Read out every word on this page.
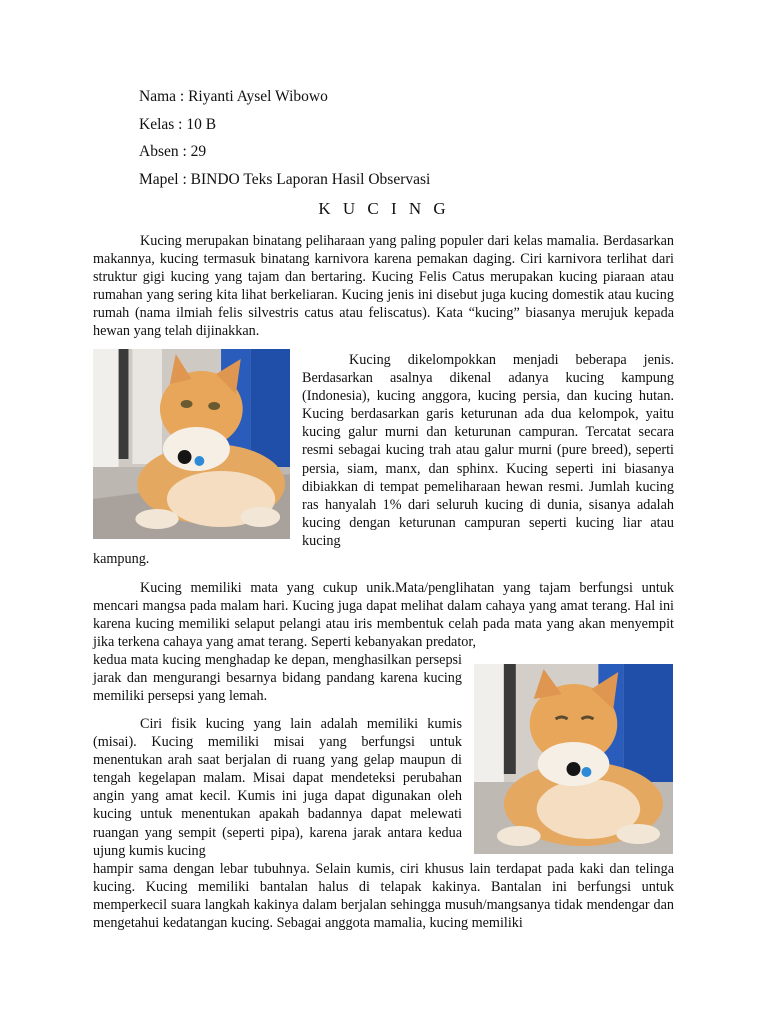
Nama : Riyanti Aysel Wibowo
Kelas : 10 B
Absen : 29
Mapel : BINDO Teks Laporan Hasil Observasi
K U C I N G

Kucing merupakan binatang peliharaan yang paling populer dari kelas mamalia. Berdasarkan makannya, kucing termasuk binatang karnivora karena pemakan daging. Ciri karnivora terlihat dari struktur gigi kucing yang tajam dan bertaring. Kucing Felis Catus merupakan kucing piaraan atau rumahan yang sering kita lihat berkeliaran. Kucing jenis ini disebut juga kucing domestik atau kucing rumah (nama ilmiah felis silvestris catus atau feliscatus). Kata “kucing” biasanya merujuk kepada hewan yang telah dijinakkan.

Kucing dikelompokkan menjadi beberapa jenis. Berdasarkan asalnya dikenal adanya kucing kampung (Indonesia), kucing anggora, kucing persia, dan kucing hutan. Kucing berdasarkan garis keturunan ada dua kelompok, yaitu kucing galur murni dan keturunan campuran. Tercatat secara resmi sebagai kucing trah atau galur murni (pure breed), seperti persia, siam, manx, dan sphinx. Kucing seperti ini biasanya dibiakkan di tempat pemeliharaan hewan resmi. Jumlah kucing ras hanyalah 1% dari seluruh kucing di dunia, sisanya adalah kucing dengan keturunan campuran seperti kucing liar atau kucing

kampung.

Kucing memiliki mata yang cukup unik.Mata/penglihatan yang tajam berfungsi untuk mencari mangsa pada malam hari. Kucing juga dapat melihat dalam cahaya yang amat terang. Hal ini karena kucing memiliki selaput pelangi atau iris membentuk celah pada mata yang akan menyempit jika terkena cahaya yang amat terang. Seperti kebanyakan predator,

kedua mata kucing menghadap ke depan, menghasilkan persepsi jarak dan mengurangi besarnya bidang pandang karena kucing memiliki persepsi yang lemah.

Ciri fisik kucing yang lain adalah memiliki kumis (misai). Kucing memiliki misai yang berfungsi untuk menentukan arah saat berjalan di ruang yang gelap maupun di tengah kegelapan malam. Misai dapat mendeteksi perubahan angin yang amat kecil. Kumis ini juga dapat digunakan oleh kucing untuk menentukan apakah badannya dapat melewati ruangan yang sempit (seperti pipa), karena jarak antara kedua ujung kumis kucing

hampir sama dengan lebar tubuhnya. Selain kumis, ciri khusus lain terdapat pada kaki dan telinga kucing. Kucing memiliki bantalan halus di telapak kakinya. Bantalan ini berfungsi untuk memperkecil suara langkah kakinya dalam berjalan sehingga musuh/mangsanya tidak mendengar dan mengetahui kedatangan kucing. Sebagai anggota mamalia, kucing memiliki
